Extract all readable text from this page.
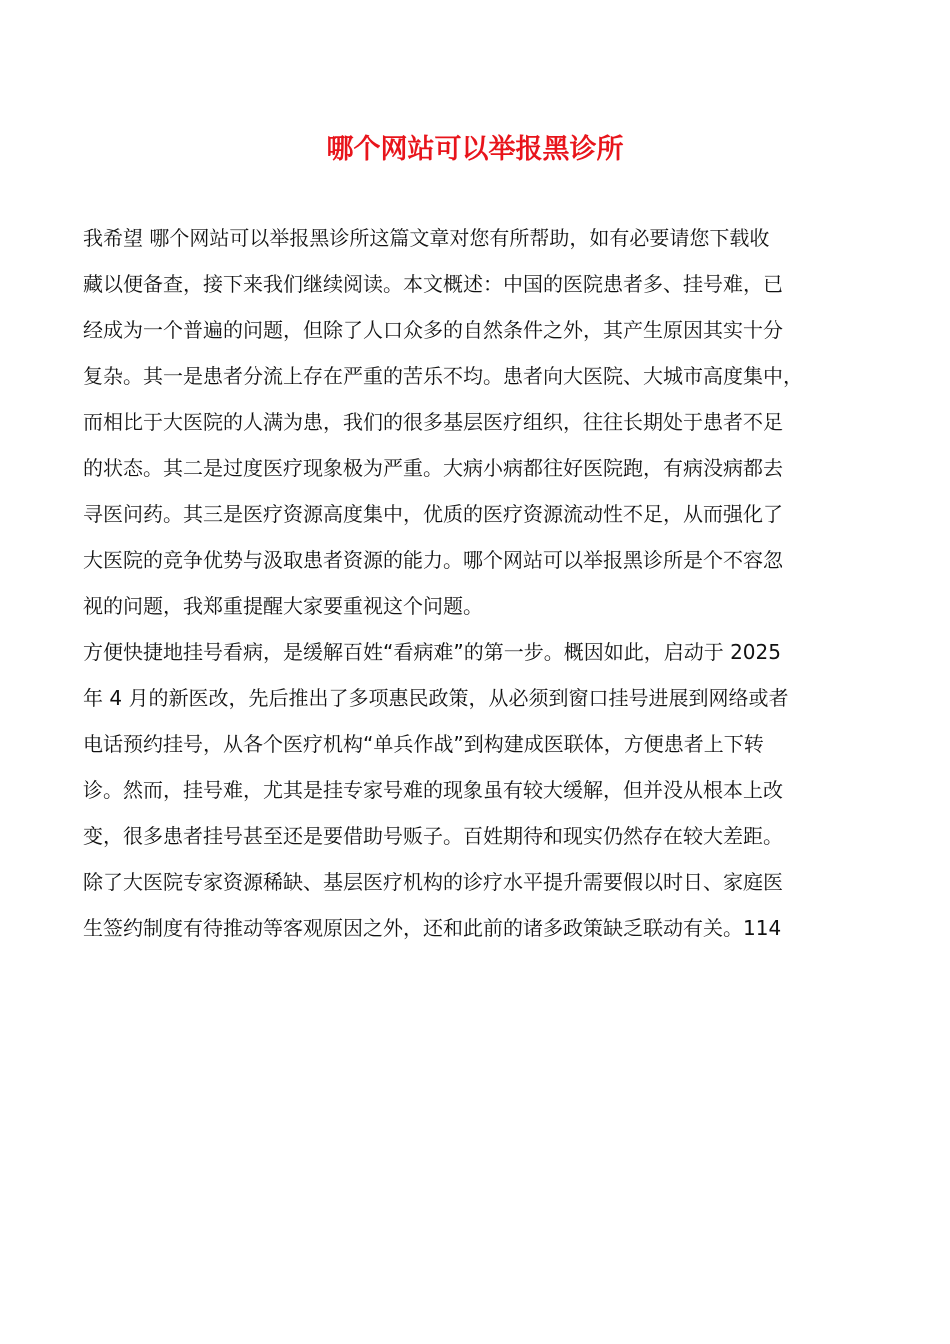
哪个网站可以举报黑诊所
我希望 哪个网站可以举报黑诊所这篇文章对您有所帮助，如有必要请您下载收
藏以便备查，接下来我们继续阅读。本文概述：中国的医院患者多、挂号难，已
经成为一个普遍的问题，但除了人口众多的自然条件之外，其产生原因其实十分
复杂。其一是患者分流上存在严重的苦乐不均。患者向大医院、大城市高度集中，
而相比于大医院的人满为患，我们的很多基层医疗组织，往往长期处于患者不足
的状态。其二是过度医疗现象极为严重。大病小病都往好医院跑，有病没病都去
寻医问药。其三是医疗资源高度集中，优质的医疗资源流动性不足，从而强化了
大医院的竞争优势与汲取患者资源的能力。哪个网站可以举报黑诊所是个不容忽
视的问题，我郑重提醒大家要重视这个问题。
方便快捷地挂号看病，是缓解百姓“看病难”的第一步。概因如此，启动于 2025
年 4 月的新医改，先后推出了多项惠民政策，从必须到窗口挂号进展到网络或者
电话预约挂号，从各个医疗机构“单兵作战”到构建成医联体，方便患者上下转
诊。然而，挂号难，尤其是挂专家号难的现象虽有较大缓解，但并没从根本上改
变，很多患者挂号甚至还是要借助号贩子。百姓期待和现实仍然存在较大差距。
除了大医院专家资源稀缺、基层医疗机构的诊疗水平提升需要假以时日、家庭医
生签约制度有待推动等客观原因之外，还和此前的诸多政策缺乏联动有关。114
